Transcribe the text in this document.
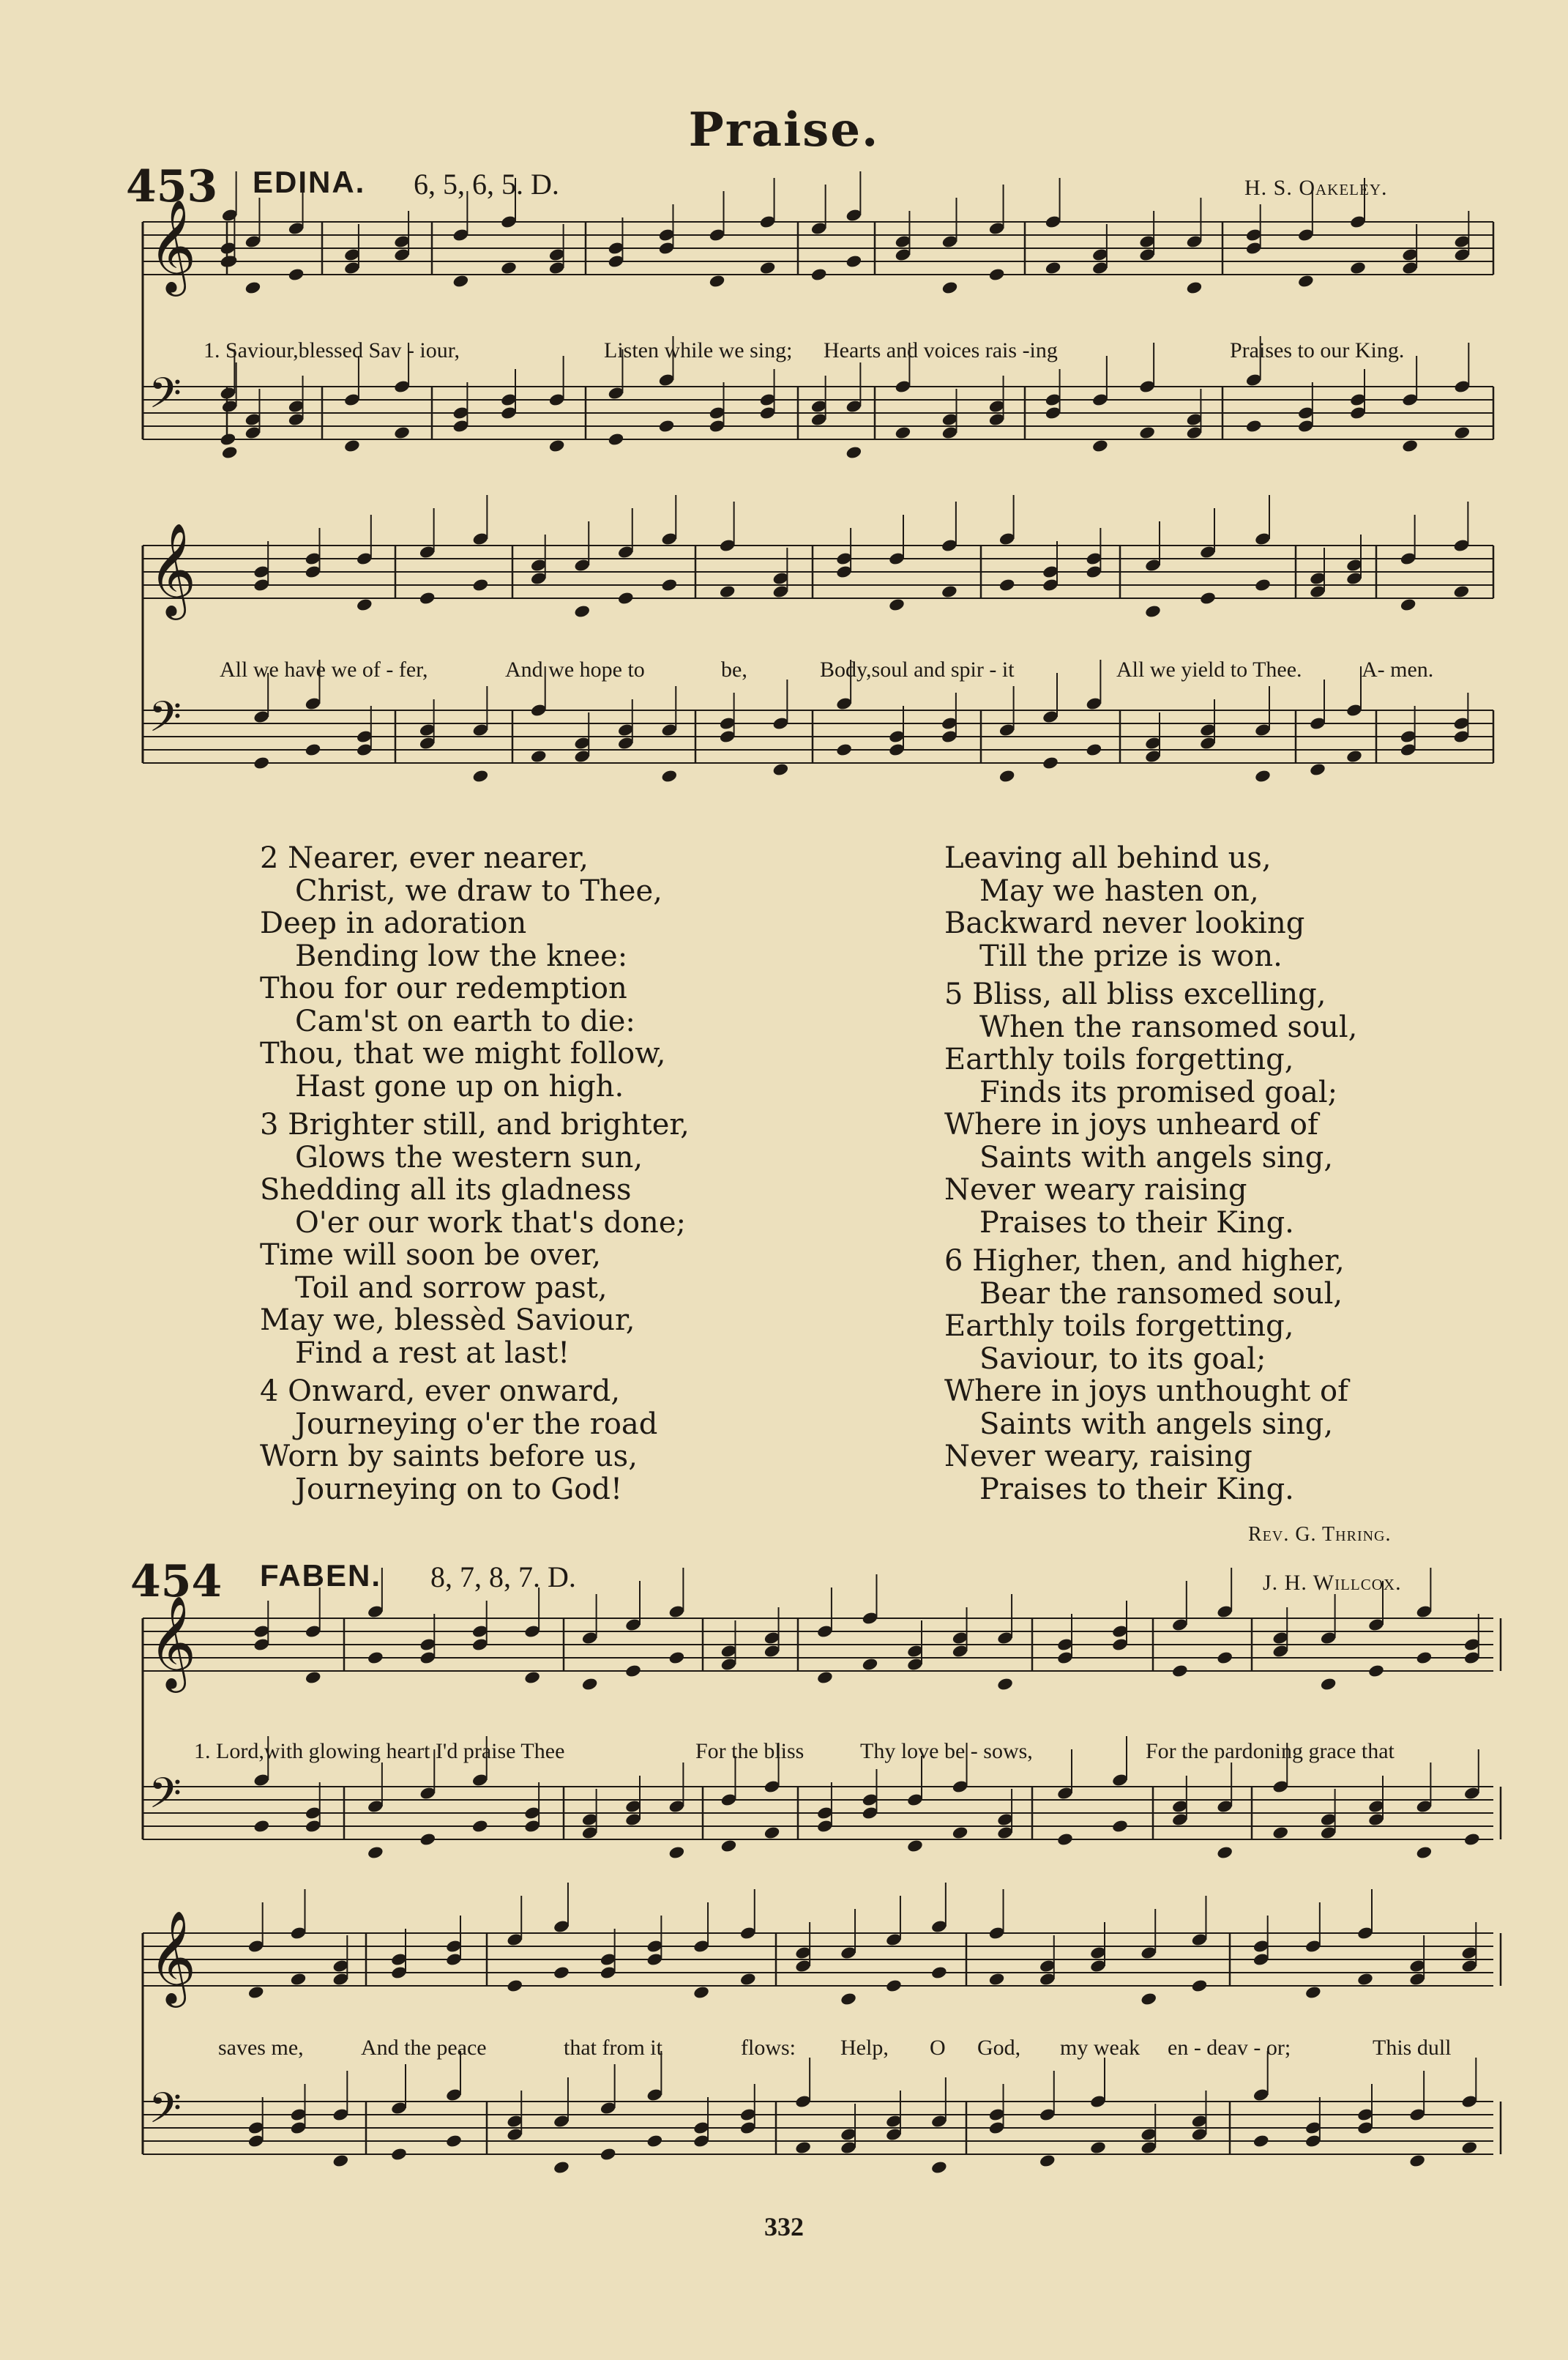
Praise.
453 EDINA. 6, 5, 6, 5. D.	H. S. Oakeley.
𝄞
𝄢
1. Saviour,blessed Sav - iour,	Listen while we sing; Hearts and voices rais -ing	Praises to our King.
𝄞
𝄢
All we have we of - fer,	And we hope to	be,	Body,soul and spir - it	All we yield to Thee.	A- men.

2 Nearer, ever nearer,

Christ, we draw to Thee,

Deep in adoration

Bending low the knee:

Thou for our redemption

Cam'st on earth to die:

Thou, that we might follow,

Hast gone up on high.

3 Brighter still, and brighter,

Glows the western sun,

Shedding all its gladness

O'er our work that's done;

Time will soon be over,

Toil and sorrow past,

May we, blessèd Saviour,

Find a rest at last!

4 Onward, ever onward,

Journeying o'er the road

Worn by saints before us,

Journeying on to God!

Leaving all behind us,

May we hasten on,

Backward never looking

Till the prize is won.

5 Bliss, all bliss excelling,

When the ransomed soul,

Earthly toils forgetting,

Finds its promised goal;

Where in joys unheard of

Saints with angels sing,

Never weary raising

Praises to their King.

6 Higher, then, and higher,

Bear the ransomed soul,

Earthly toils forgetting,

Saviour, to its goal;

Where in joys unthought of

Saints with angels sing,

Never weary, raising

Praises to their King.

Rev. G. Thring.
454 FABEN. 8, 7, 8, 7. D.	J. H. Willcox.
𝄞
𝄢
1. Lord,with glowing heart I'd praise Thee	For the bliss	Thy love be - sows,	For the pardoning grace that
𝄞
𝄢
saves me,	And the peace	that from it	flows: Help, O God, my weak en - deav - or;	This dull
332
